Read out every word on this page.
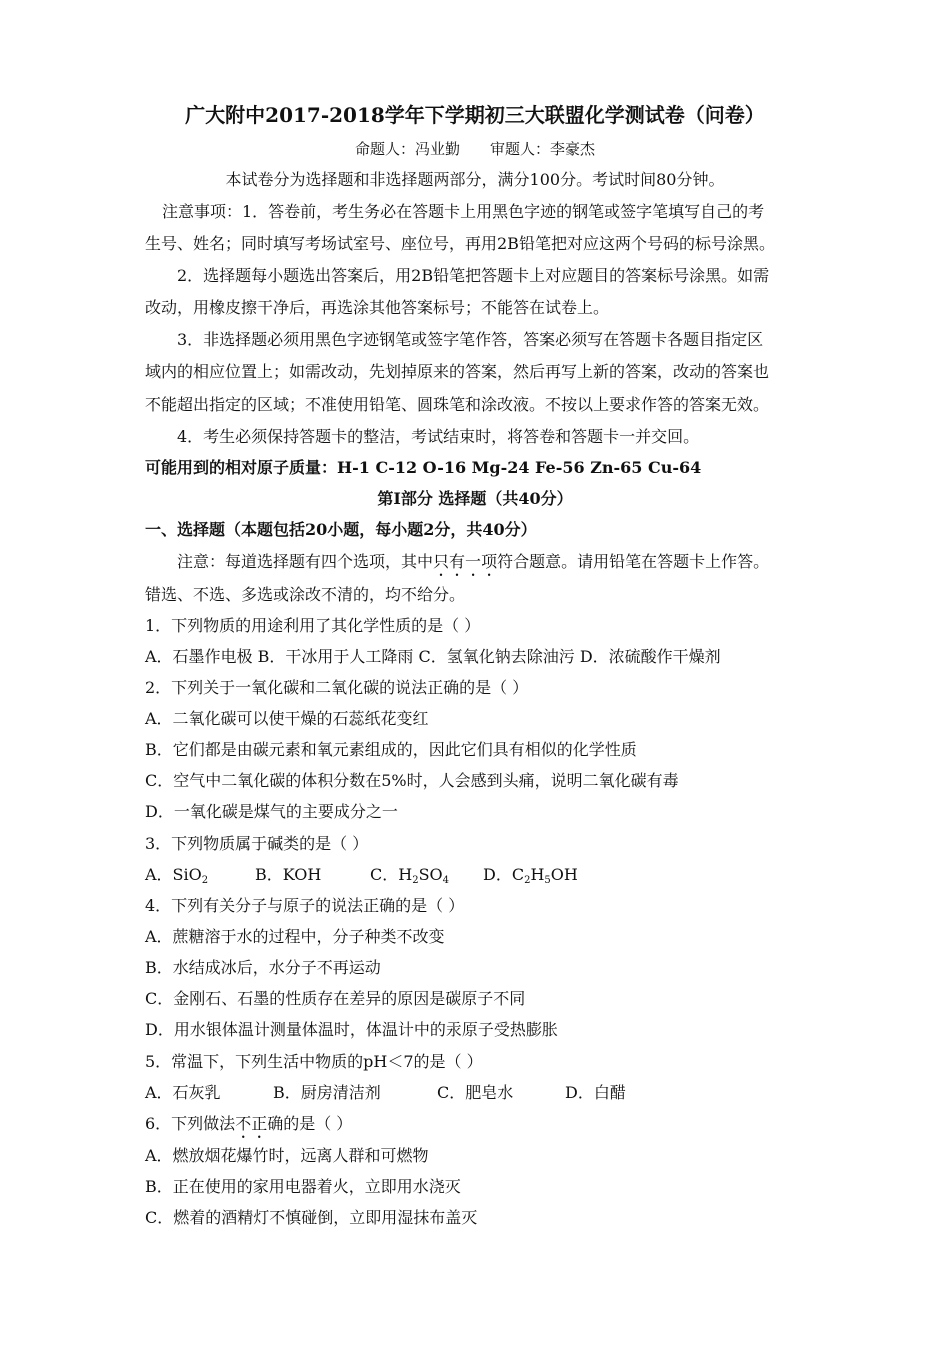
广大附中2017-2018学年下学期初三大联盟化学测试卷（问卷）
命题人：冯业勤　　审题人：李豪杰
本试卷分为选择题和非选择题两部分，满分100分。考试时间80分钟。
注意事项：1．答卷前，考生务必在答题卡上用黑色字迹的钢笔或签字笔填写自己的考
生号、姓名；同时填写考场试室号、座位号，再用2B铅笔把对应这两个号码的标号涂黑。
2．选择题每小题选出答案后，用2B铅笔把答题卡上对应题目的答案标号涂黑。如需
改动，用橡皮擦干净后，再选涂其他答案标号；不能答在试卷上。
3．非选择题必须用黑色字迹钢笔或签字笔作答，答案必须写在答题卡各题目指定区
域内的相应位置上；如需改动，先划掉原来的答案，然后再写上新的答案，改动的答案也
不能超出指定的区域；不准使用铅笔、圆珠笔和涂改液。不按以上要求作答的答案无效。
4．考生必须保持答题卡的整洁，考试结束时，将答卷和答题卡一并交回。
可能用到的相对原子质量：H-1 C-12 O-16 Mg-24 Fe-56 Zn-65 Cu-64
第Ⅰ部分 选择题（共40分）
一、选择题（本题包括20小题，每小题2分，共40分）
注意：每道选择题有四个选项，其中只有一项符合题意。请用铅笔在答题卡上作答。
错选、不选、多选或涂改不清的，均不给分。
1．下列物质的用途利用了其化学性质的是（ ）
A．石墨作电极 B．干冰用于人工降雨 C．氢氧化钠去除油污 D．浓硫酸作干燥剂
2．下列关于一氧化碳和二氧化碳的说法正确的是（ ）
A．二氧化碳可以使干燥的石蕊纸花变红
B．它们都是由碳元素和氧元素组成的，因此它们具有相似的化学性质
C．空气中二氧化碳的体积分数在5%时，人会感到头痛，说明二氧化碳有毒
D．一氧化碳是煤气的主要成分之一
3．下列物质属于碱类的是（ ）
A．SiO$_2$	B．KOH	C．$H_2SO_4$ D．$C_2H_5OH$
4．下列有关分子与原子的说法正确的是（ ）
A．蔗糖溶于水的过程中，分子种类不改变
B．水结成冰后，水分子不再运动
C．金刚石、石墨的性质存在差异的原因是碳原子不同
D．用水银体温计测量体温时，体温计中的汞原子受热膨胀
5．常温下，下列生活中物质的pH＜7的是（ ）
A．石灰乳	B．厨房清洁剂	C．肥皂水	D．白醋
6．下列做法不正确的是（ ）
A．燃放烟花爆竹时，远离人群和可燃物
B．正在使用的家用电器着火，立即用水浇灭
C．燃着的酒精灯不慎碰倒，立即用湿抹布盖灭
